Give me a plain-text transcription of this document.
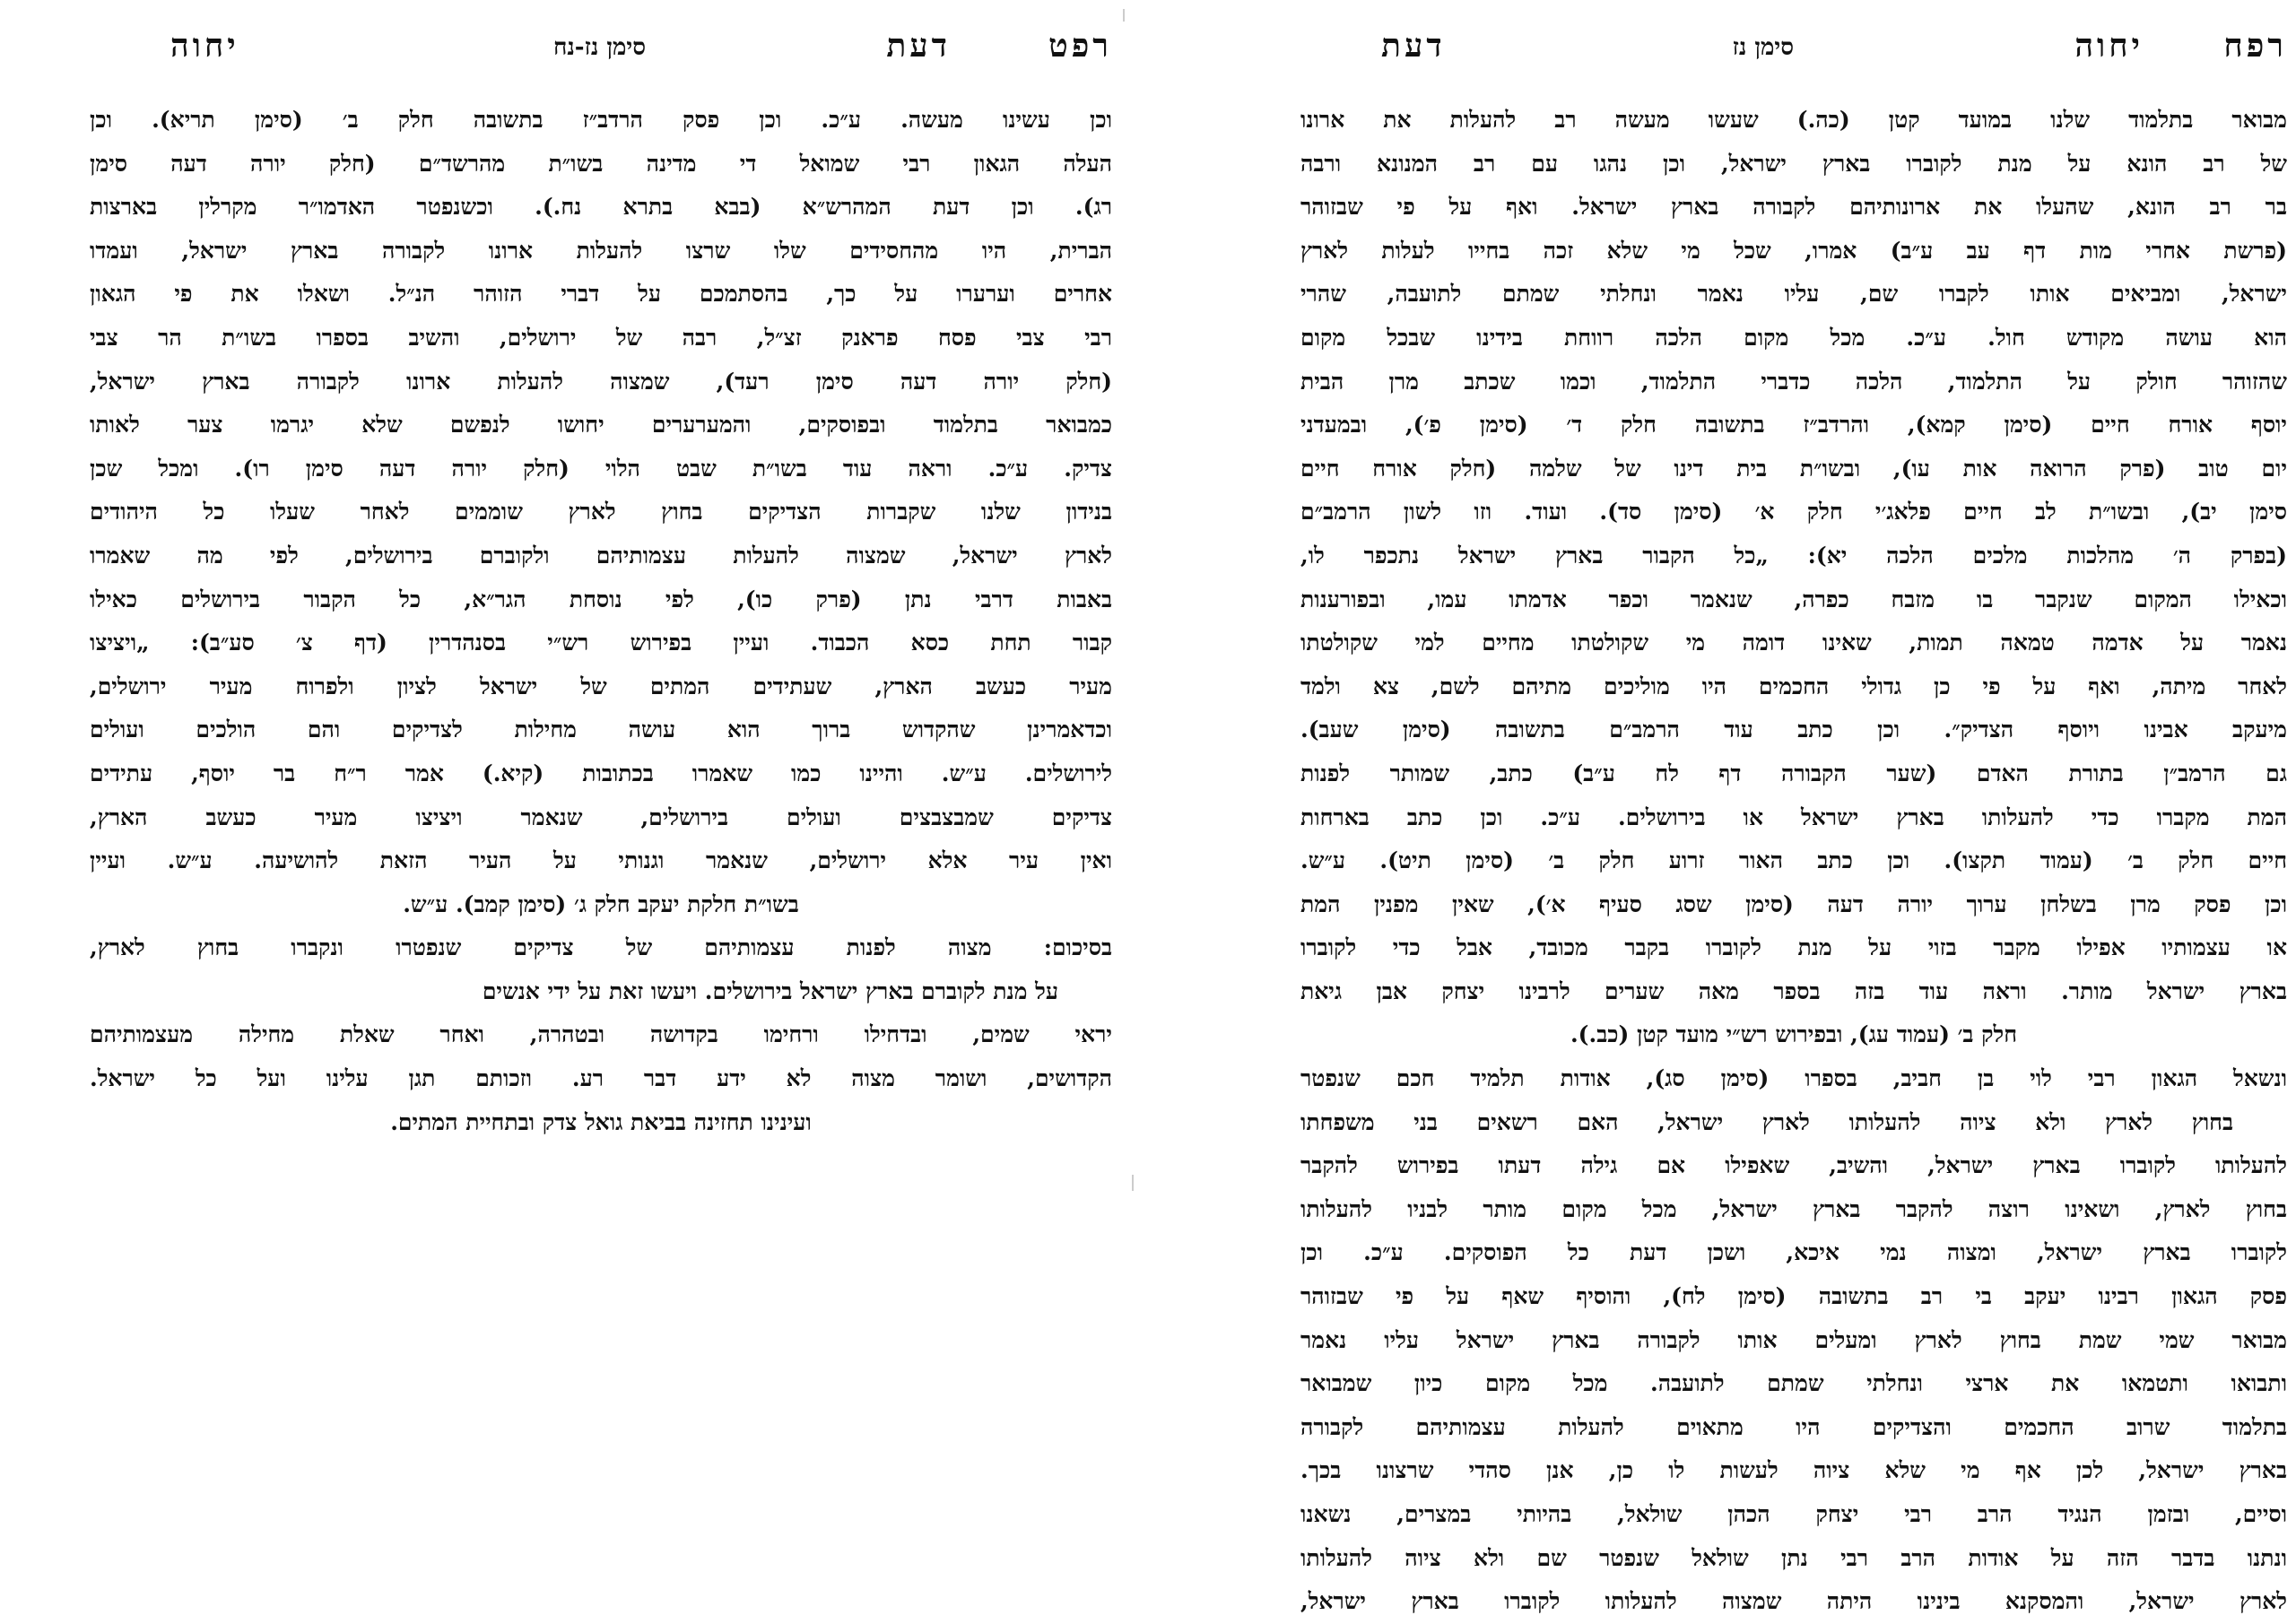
רפט
דעת
סימן נז-נח
יחוה
וכן עשינו מעשה. ע״כ. וכן פסק הרדב״ז בתשובה חלק ב׳ (סימן תריא). וכן
העלה הגאון רבי שמואל די מדינה בשו״ת מהרשד״ם (חלק יורה דעה סימן
רג). וכן דעת המהרש״א (בבא בתרא נח.). וכשנפטר האדמו״ר מקרלין בארצות
הברית, היו מהחסידים שלו שרצו להעלות ארונו לקבורה בארץ ישראל, ועמדו
אחרים וערערו על כך, בהסתמכם על דברי הזוהר הנ״ל. ושאלו את פי הגאון
רבי צבי פסח פראנק זצ״ל, רבה של ירושלים, והשיב בספרו בשו״ת הר צבי
(חלק יורה דעה סימן רעד), שמצוה להעלות ארונו לקבורה בארץ ישראל,
כמבואר בתלמוד ובפוסקים, והמערערים יחושו לנפשם שלא יגרמו צער לאותו
צדיק. ע״כ. וראה עוד בשו״ת שבט הלוי (חלק יורה דעה סימן רו). ומכל שכן
בנידון שלנו שקברות הצדיקים בחוץ לארץ שוממים לאחר שעלו כל היהודים
לארץ ישראל, שמצוה להעלות עצמותיהם ולקוברם בירושלים, לפי מה שאמרו
באבות דרבי נתן (פרק כו), לפי נוסחת הגר״א, כל הקבור בירושלים כאילו
קבור תחת כסא הכבוד. ועיין בפירוש רש״י בסנהדרין (דף צ׳ סע״ב): „ויציצו
מעיר כעשב הארץ, שעתידים המתים של ישראל לציון ולפרוח מעיר ירושלים,
וכדאמרינן שהקדוש ברוך הוא עושה מחילות לצדיקים והם הולכים ועולים
לירושלים. ע״ש. והיינו כמו שאמרו בכתובות (קיא.) אמר ר״ח בר יוסף, עתידים
צדיקים שמבצבצים ועולים בירושלים, שנאמר ויציצו מעיר כעשב הארץ,
ואין עיר אלא ירושלים, שנאמר וגנותי על העיר הזאת להושיעה. ע״ש. ועיין
בשו״ת חלקת יעקב חלק ג׳ (סימן קמב). ע״ש.
בסיכום: מצוה לפנות עצמותיהם של צדיקים שנפטרו ונקברו בחוץ לארץ,
על מנת לקוברם בארץ ישראל בירושלים. ויעשו זאת על ידי אנשים
יראי שמים, ובדחילו ורחימו בקדושה ובטהרה, ואחר שאלת מחילה מעצמותיהם
הקדושים, ושומר מצוה לא ידע דבר רע. וזכותם תגן עלינו ועל כל ישראל.
ועינינו תחזינה בביאת גואל צדק ובתחיית המתים.
רפח
יחוה
סימן נז
דעת
מבואר בתלמוד שלנו במועד קטן (כה.) שעשו מעשה רב להעלות את ארונו
של רב הונא על מנת לקוברו בארץ ישראל, וכן נהגו עם רב המנונא ורבה
בר רב הונא, שהעלו את ארונותיהם לקבורה בארץ ישראל. ואף על פי שבזוהר
(פרשת אחרי מות דף עב ע״ב) אמרו, שכל מי שלא זכה בחייו לעלות לארץ
ישראל, ומביאים אותו לקברו שם, עליו נאמר ונחלתי שמתם לתועבה, שהרי
הוא עושה מקודש חול. ע״כ. מכל מקום הלכה רווחת בידינו שבכל מקום
שהזוהר חולק על התלמוד, הלכה כדברי התלמוד, וכמו שכתב מרן הבית
יוסף אורח חיים (סימן קמא), והרדב״ז בתשובה חלק ד׳ (סימן פ׳), ובמעדני
יום טוב (פרק הרואה אות עו), ובשו״ת בית דינו של שלמה (חלק אורח חיים
סימן יב), ובשו״ת לב חיים פלאג׳י חלק א׳ (סימן סד). ועוד. וזו לשון הרמב״ם
(בפרק ה׳ מהלכות מלכים הלכה יא): „כל הקבור בארץ ישראל נתכפר לו,
וכאילו המקום שנקבר בו מזבח כפרה, שנאמר וכפר אדמתו עמו, ובפורענות
נאמר על אדמה טמאה תמות, שאינו דומה מי שקולטתו מחיים למי שקולטתו
לאחר מיתה, ואף על פי כן גדולי החכמים היו מוליכים מתיהם לשם, צא ולמד
מיעקב אבינו ויוסף הצדיק״. וכן כתב עוד הרמב״ם בתשובה (סימן שעב).
גם הרמב״ן בתורת האדם (שער הקבורה דף לח ע״ב) כתב, שמותר לפנות
המת מקברו כדי להעלותו בארץ ישראל או בירושלים. ע״כ. וכן כתב בארחות
חיים חלק ב׳ (עמוד תקצו). וכן כתב האור זרוע חלק ב׳ (סימן תיט). ע״ש.
וכן פסק מרן בשלחן ערוך יורה דעה (סימן שסג סעיף א׳), שאין מפנין המת
או עצמותיו אפילו מקבר בזוי על מנת לקוברו בקבר מכובד, אבל כדי לקוברו
בארץ ישראל מותר. וראה עוד בזה בספר מאה שערים לרבינו יצחק אבן גיאת
חלק ב׳ (עמוד עג), ובפירוש רש״י מועד קטן (כב.).
ונשאל הגאון רבי לוי בן חביב, בספרו (סימן סג), אודות תלמיד חכם שנפטר
בחוץ לארץ ולא ציוה להעלותו לארץ ישראל, האם רשאים בני משפחתו
להעלותו לקוברו בארץ ישראל, והשיב, שאפילו אם גילה דעתו בפירוש להקבר
בחוץ לארץ, ושאינו רוצה להקבר בארץ ישראל, מכל מקום מותר לבניו להעלותו
לקוברו בארץ ישראל, ומצוה נמי איכא, ושכן דעת כל הפוסקים. ע״כ. וכן
פסק הגאון רבינו יעקב בי רב בתשובה (סימן לח), והוסיף שאף על פי שבזוהר
מבואר שמי שמת בחוץ לארץ ומעלים אותו לקבורה בארץ ישראל עליו נאמר
ותבואו ותטמאו את ארצי ונחלתי שמתם לתועבה. מכל מקום כיון שמבואר
בתלמוד שרוב החכמים והצדיקים היו מתאוים להעלות עצמותיהם לקבורה
בארץ ישראל, לכן אף מי שלא ציוה לעשות לו כן, אנן סהדי שרצונו בכך.
וסיים, ובזמן הנגיד הרב רבי יצחק הכהן שולאל, בהיותי במצרים, נשאנו
ונתנו בדבר הזה על אודות הרב רבי נתן שולאל שנפטר שם ולא ציוה להעלותו
לארץ ישראל, והמסקנא בינינו היתה שמצוה להעלותו לקוברו בארץ ישראל,
